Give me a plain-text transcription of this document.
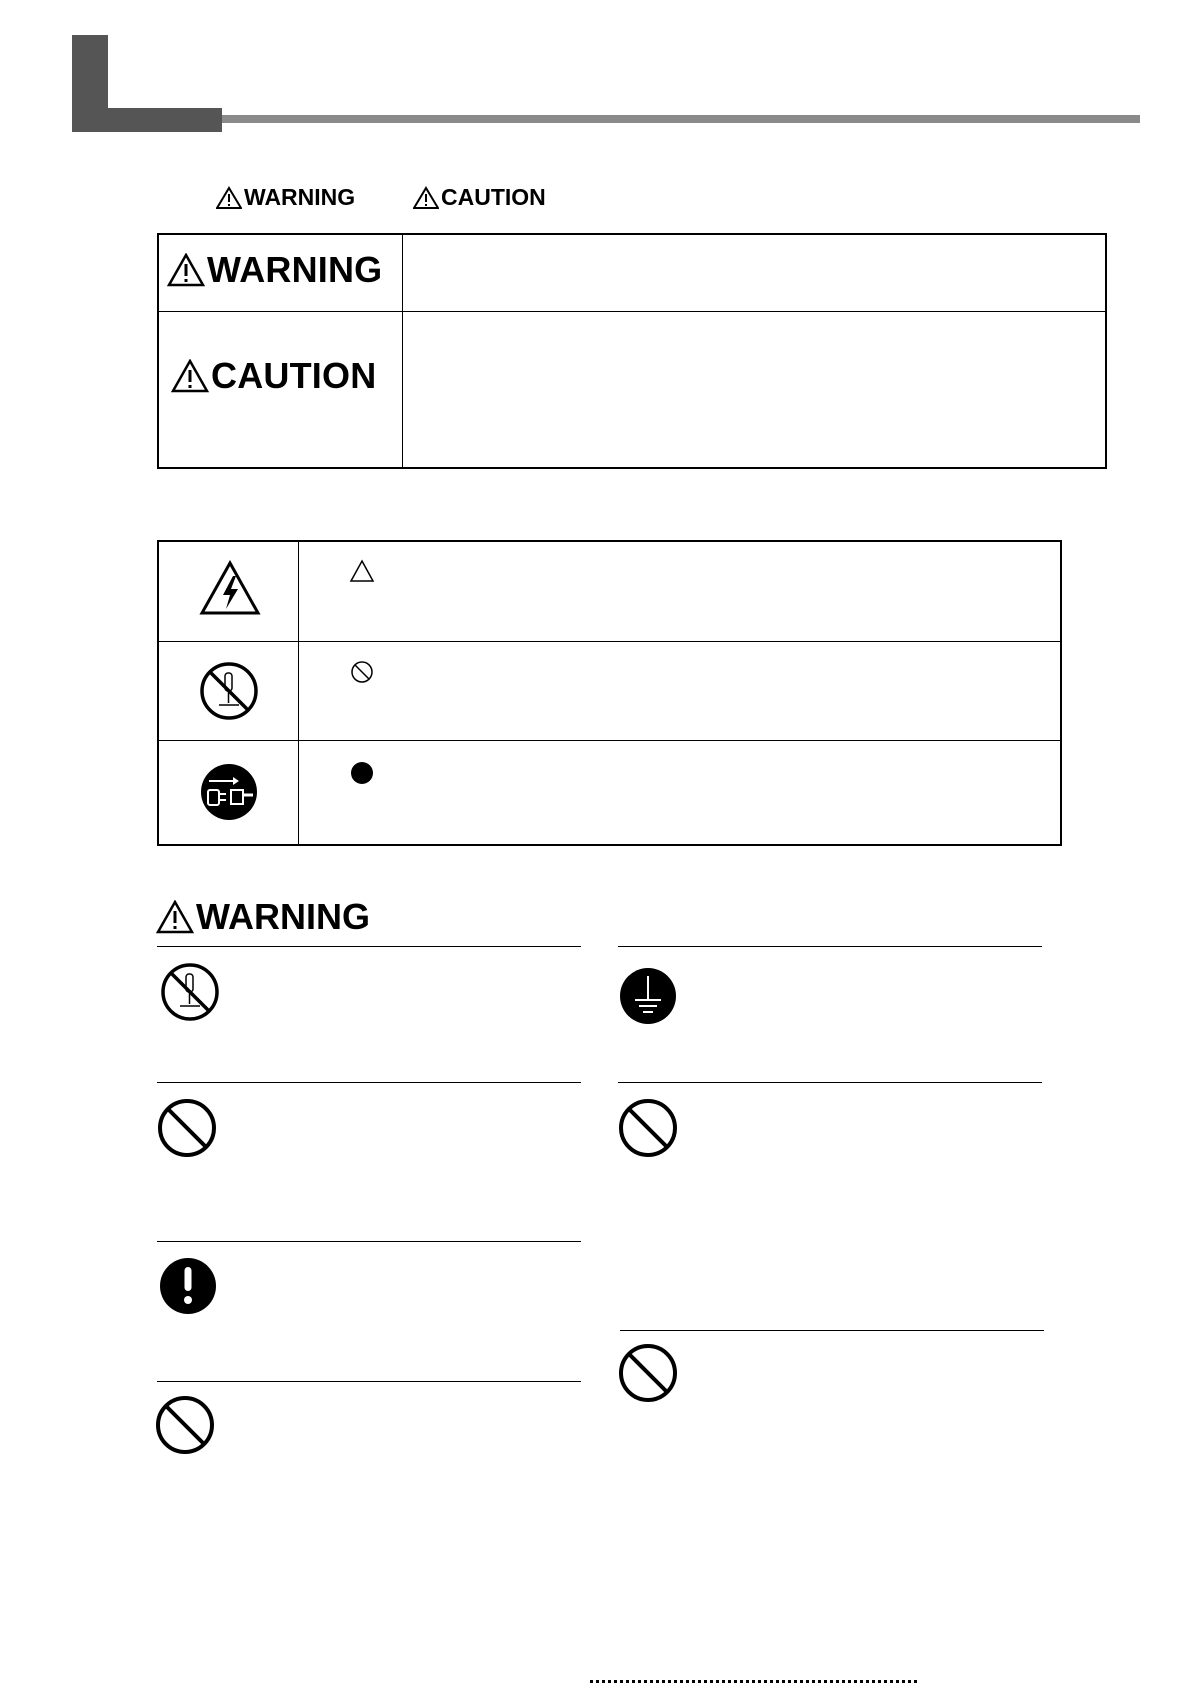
WARNING	CAUTION
WARNING
CAUTION
WARNING
